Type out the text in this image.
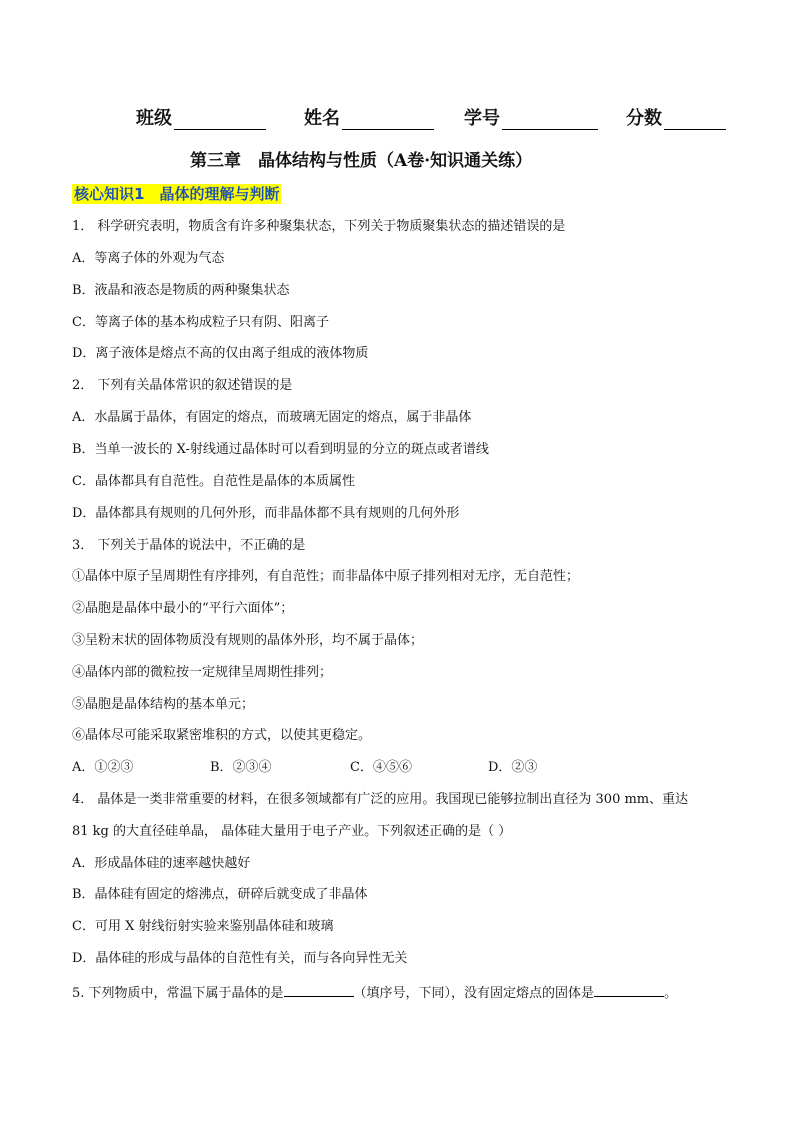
班级	姓名	学号	分数
第三章　晶体结构与性质（A卷·知识通关练）
核心知识1　晶体的理解与判断
1． 科学研究表明，物质含有许多种聚集状态，下列关于物质聚集状态的描述错误的是
A．等离子体的外观为气态
B．液晶和液态是物质的两种聚集状态
C．等离子体的基本构成粒子只有阴、阳离子
D．离子液体是熔点不高的仅由离子组成的液体物质
2． 下列有关晶体常识的叙述错误的是
A．水晶属于晶体，有固定的熔点，而玻璃无固定的熔点，属于非晶体
B．当单一波长的 X-射线通过晶体时可以看到明显的分立的斑点或者谱线
C．晶体都具有自范性。自范性是晶体的本质属性
D．晶体都具有规则的几何外形，而非晶体都不具有规则的几何外形
3． 下列关于晶体的说法中，不正确的是
①晶体中原子呈周期性有序排列，有自范性；而非晶体中原子排列相对无序，无自范性；
②晶胞是晶体中最小的“平行六面体”；
③呈粉末状的固体物质没有规则的晶体外形，均不属于晶体；
④晶体内部的微粒按一定规律呈周期性排列；
⑤晶胞是晶体结构的基本单元；
⑥晶体尽可能采取紧密堆积的方式，以使其更稳定。
A．①②③	B．②③④	C．④⑤⑥	D．②③
4． 晶体是一类非常重要的材料，在很多领域都有广泛的应用。我国现已能够拉制出直径为 300 mm、重达
81 kg 的大直径硅单晶， 晶体硅大量用于电子产业。下列叙述正确的是（ ）
A．形成晶体硅的速率越快越好
B．晶体硅有固定的熔沸点，研碎后就变成了非晶体
C．可用 X 射线衍射实验来鉴别晶体硅和玻璃
D．晶体硅的形成与晶体的自范性有关，而与各向异性无关
5. 下列物质中，常温下属于晶体的是	（填序号，下同），没有固定熔点的固体是	。
